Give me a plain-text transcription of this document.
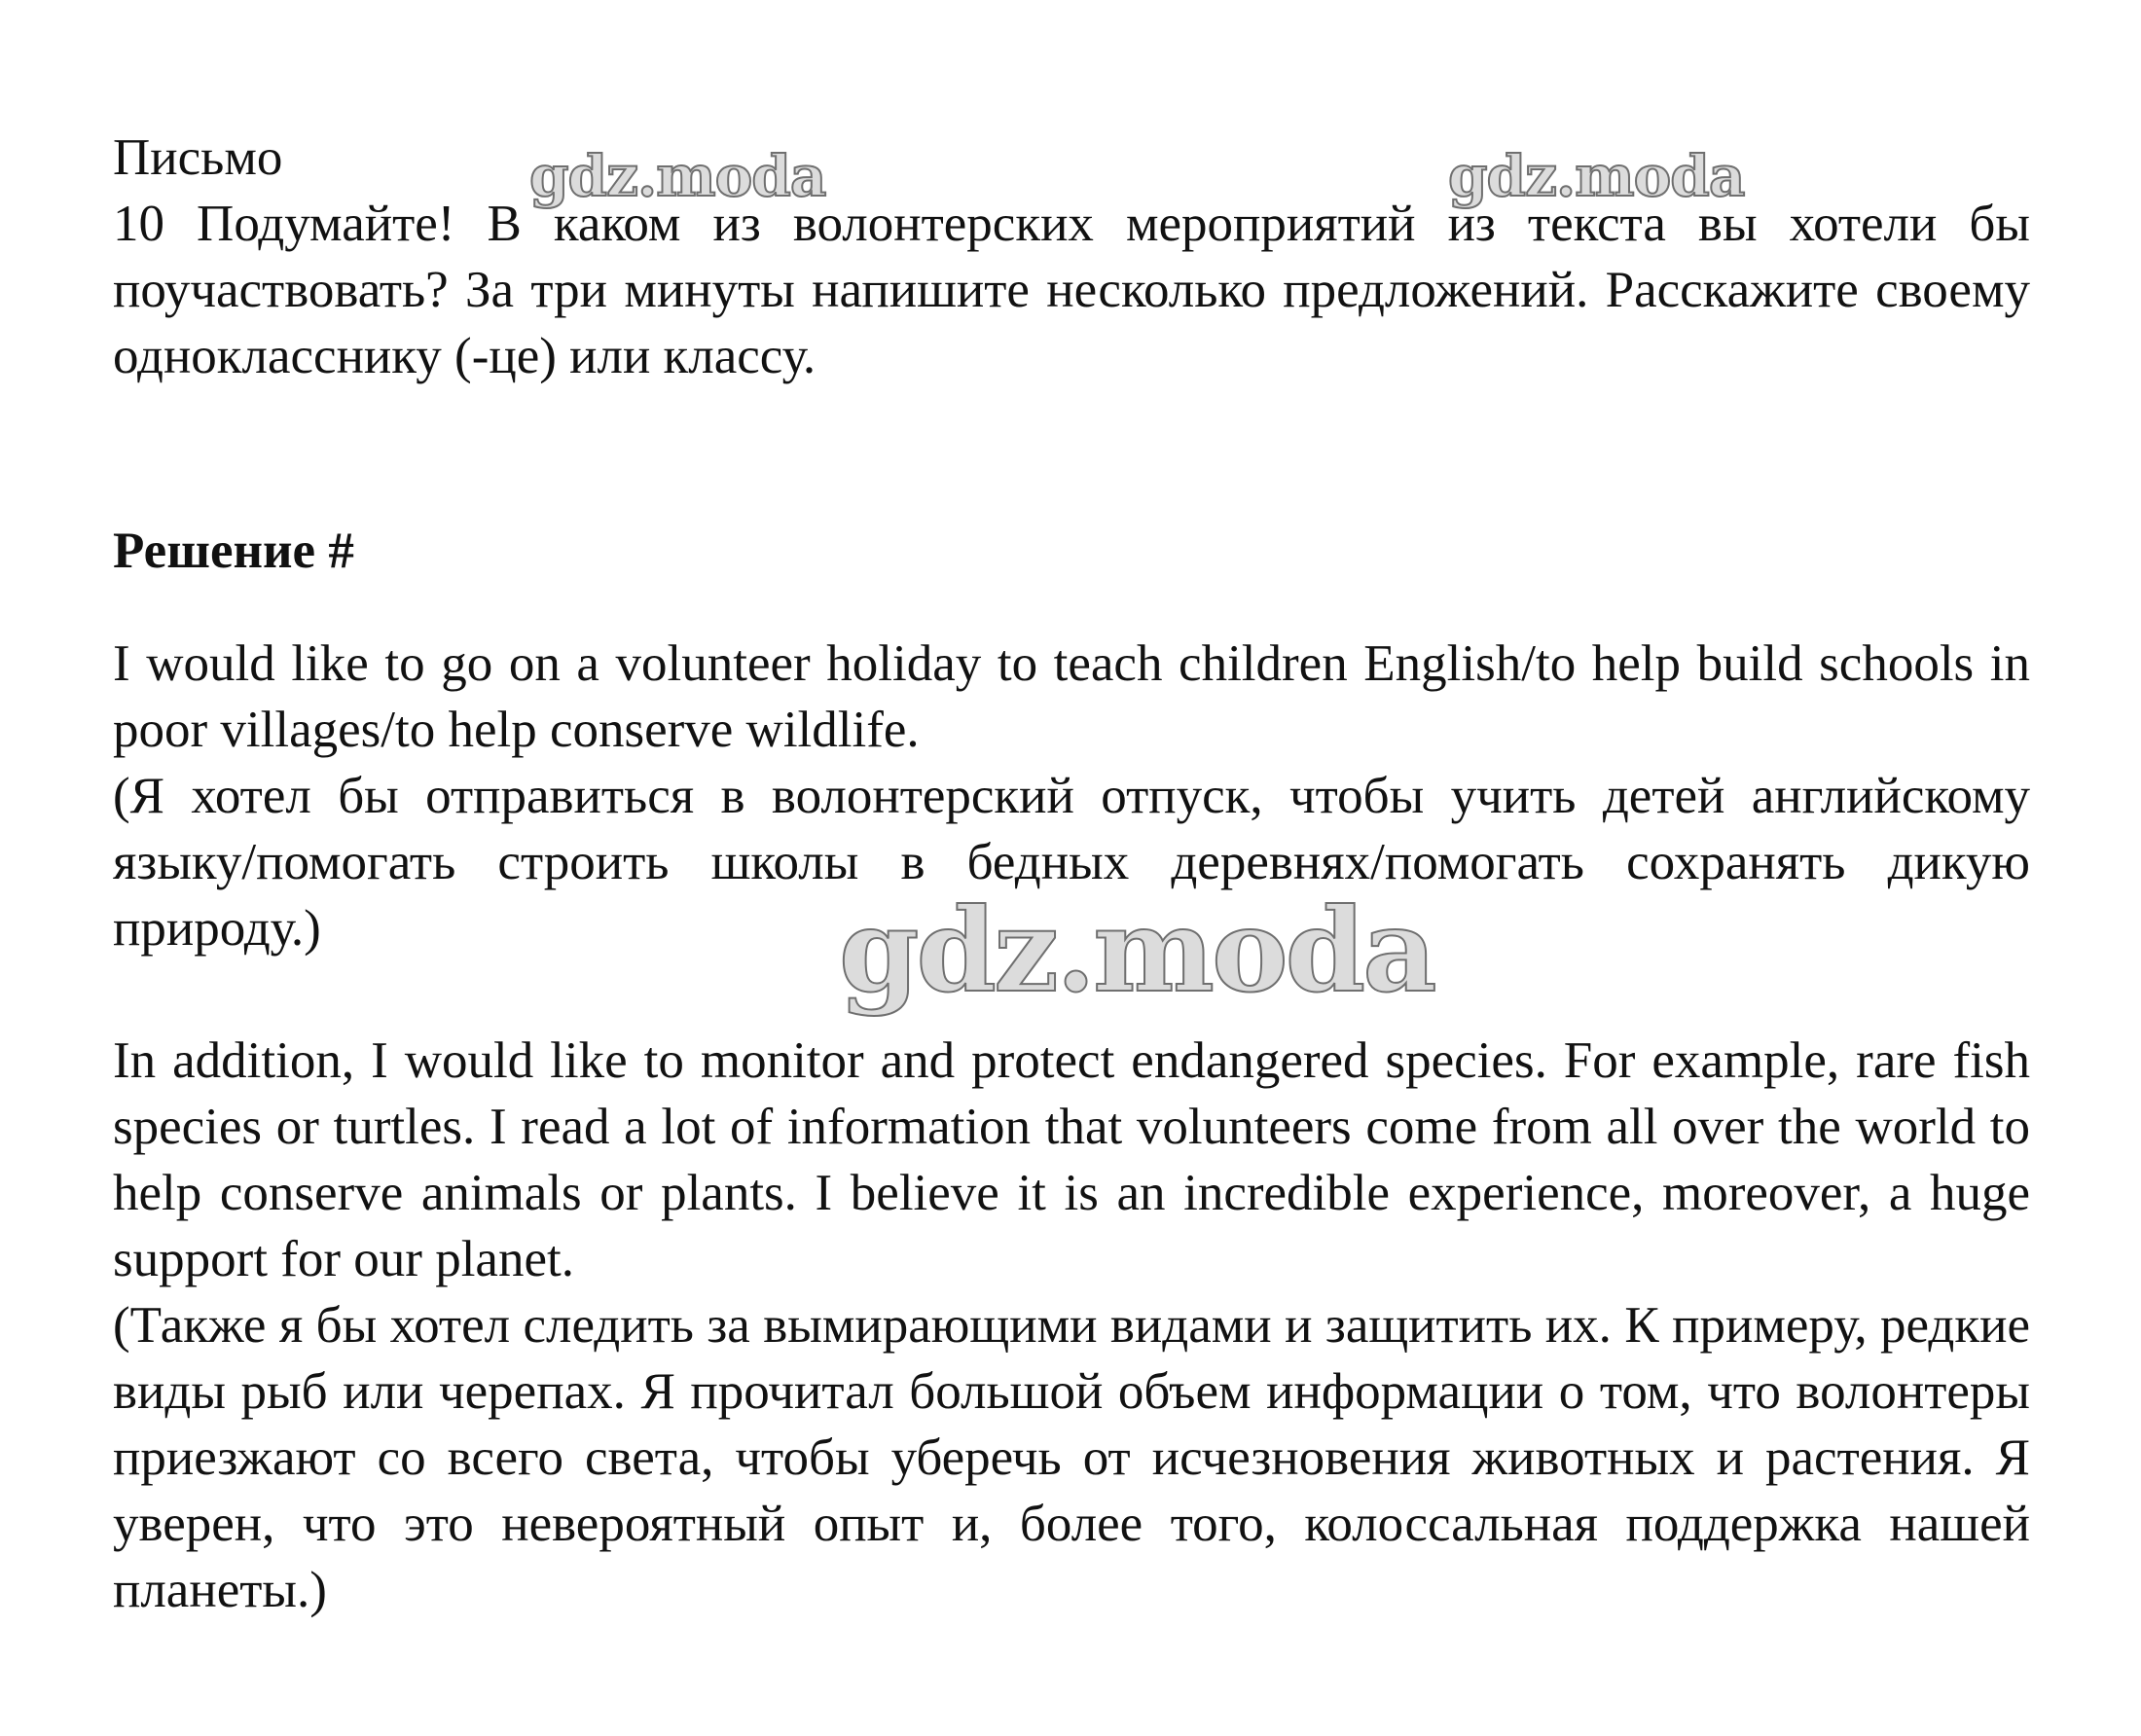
Письмо

10 Подумайте! В каком из волонтерских мероприятий из текста вы хотели бы поучаствовать? За три минуты напишите несколько предложений. Расскажите своему однокласснику (-це) или классу.

Решение #

I would like to go on a volunteer holiday to teach children English/to help build schools in poor villages/to help conserve wildlife.

(Я хотел бы отправиться в волонтерский отпуск, чтобы учить детей английскому языку/помогать строить школы в бедных деревнях/помогать сохранять дикую природу.)

In addition, I would like to monitor and protect endangered species. For example, rare fish species or turtles. I read a lot of information that volunteers come from all over the world to help conserve animals or plants. I believe it is an incredible experience, moreover, a huge support for our planet.

(Также я бы хотел следить за вымирающими видами и защитить их. К примеру, редкие виды рыб или черепах. Я прочитал большой объем информации о том, что волонтеры приезжают со всего света, чтобы уберечь от исчезновения животных и растения. Я уверен, что это невероятный опыт и, более того, колоссальная поддержка нашей планеты.)

gdz.moda	gdz.moda
gdz.moda
